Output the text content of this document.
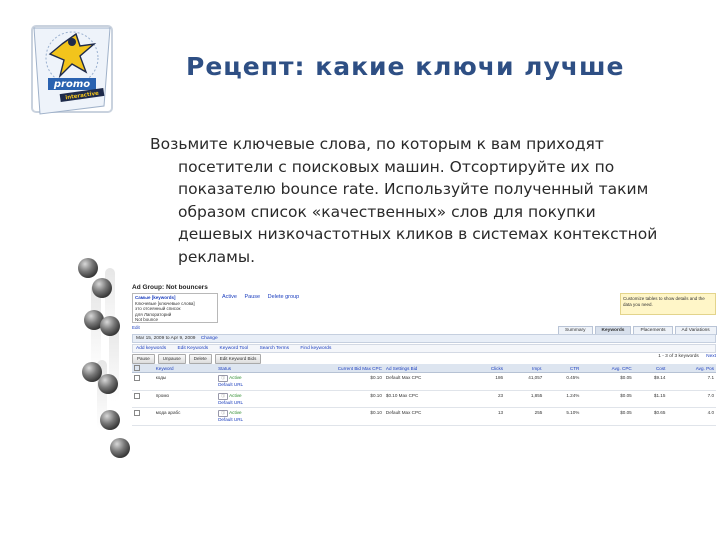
promo
interactive
Рецепт: какие ключи лучше

Возьмите ключевые слова, по которым к вам приходят
посетители с поисковых машин. Отсортируйте их по
показателю bounce rate. Используйте полученный таким
образом список «качественных» слов для покупки
дешевых низкочастотных кликов в системах контекстной
рекламы.

Ad Group: Not bouncers
Самые [keywords]
Ключевые [ключевые слова]
это отсеянный список
для Лапораторий
Not bounce
Edit
Active Pause Delete group	Customize tables to show details and the data you need.
Summary	Keywords	Placements	Ad Variations
Mar 15, 2009 to Apr 9, 2009 Change
Add keywords Edit Keywords Keyword Tool Search Terms Find keywords
Pause	Unpause	Delete	Edit Keyword Bids	1 - 3 of 3 keywords Next
	Keyword	Status	Current Bid Max CPC	Ad Settings Bid	Clicks	Impr.	CTR	Avg. CPC	Cost	Avg. Pos
	коды	ⓘ Active
Default URL	$0.10	Default Max CPC	186	41,057	0.45%	$0.05	$9.14	7.1
	промо	ⓘ Active
Default URL	$0.10	$0.10 Max CPC	23	1,855	1.24%	$0.05	$1.15	7.0
	мода арабс	ⓘ Active
Default URL	$0.10	Default Max CPC	13	255	5.10%	$0.05	$0.65	4.0
